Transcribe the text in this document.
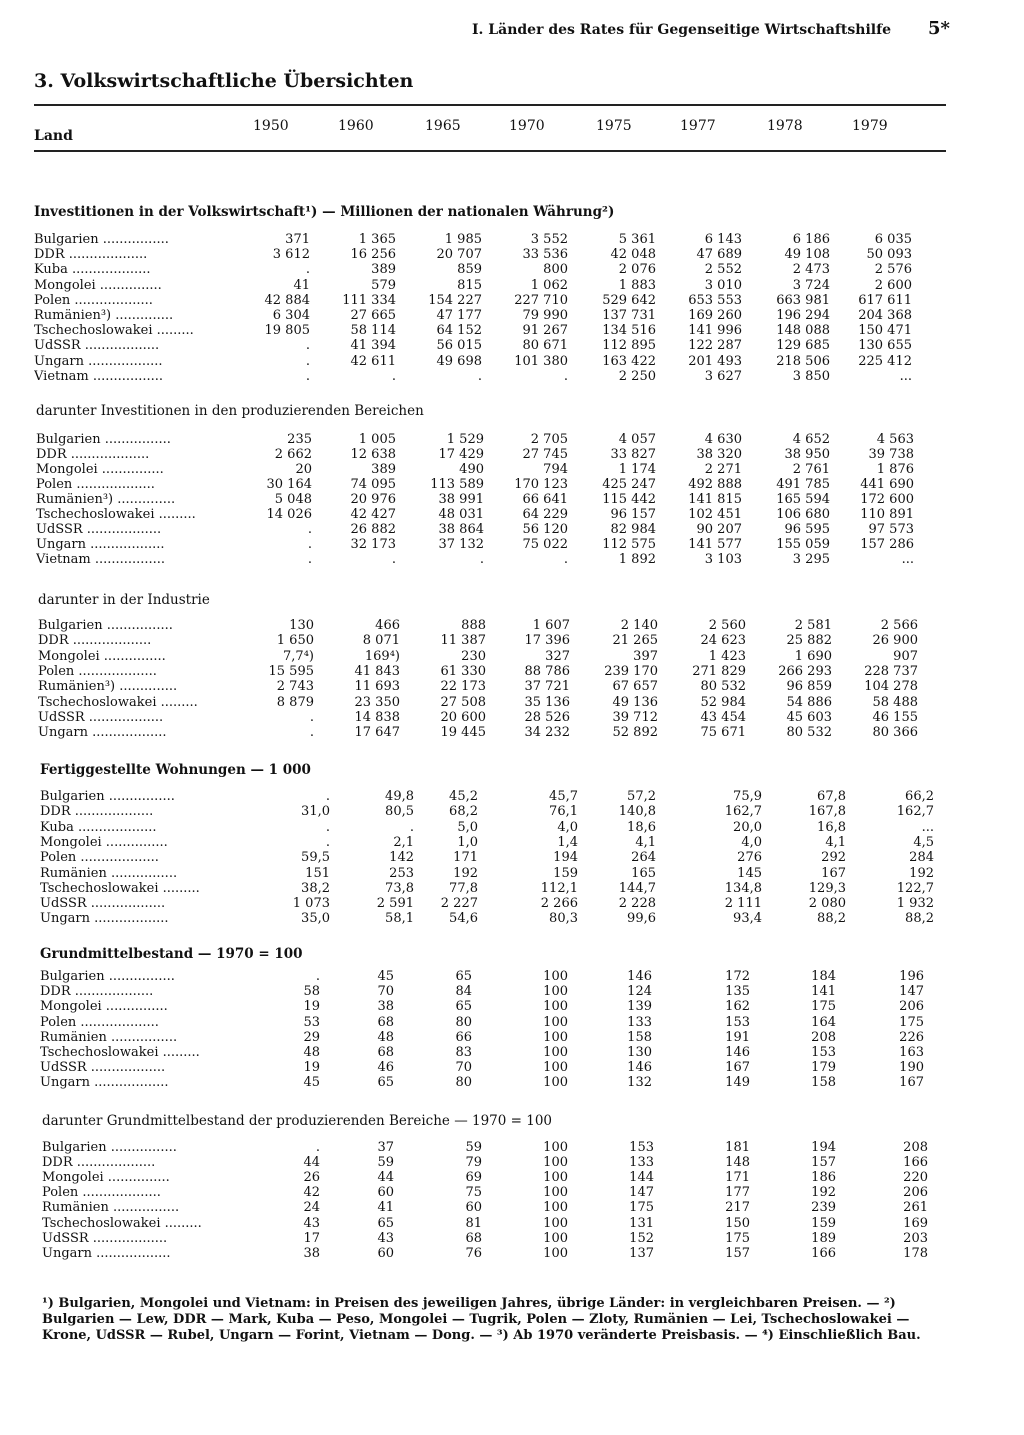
I. Länder des Rates für Gegenseitige Wirtschaftshilfe 5*
3. Volkswirtschaftliche Übersichten
Land
1950	1960	1965	1970	1975	1977	1978	1979
Investitionen in der Volkswirtschaft¹) — Millionen der nationalen Währung²)
Bulgarien ................	371	1 365	1 985	3 552	5 361	6 143	6 186	6 035
DDR ...................	3 612	16 256	20 707	33 536	42 048	47 689	49 108	50 093
Kuba ...................	.	389	859	800	2 076	2 552	2 473	2 576
Mongolei ...............	41	579	815	1 062	1 883	3 010	3 724	2 600
Polen ...................	42 884	111 334	154 227	227 710	529 642	653 553	663 981	617 611
Rumänien³) ..............	6 304	27 665	47 177	79 990	137 731	169 260	196 294	204 368
Tschechoslowakei .........	19 805	58 114	64 152	91 267	134 516	141 996	148 088	150 471
UdSSR ..................	.	41 394	56 015	80 671	112 895	122 287	129 685	130 655
Ungarn ..................	.	42 611	49 698	101 380	163 422	201 493	218 506	225 412
Vietnam .................	.	.	.	.	2 250	3 627	3 850	...
darunter Investitionen in den produzierenden Bereichen
Bulgarien ................	235	1 005	1 529	2 705	4 057	4 630	4 652	4 563
DDR ...................	2 662	12 638	17 429	27 745	33 827	38 320	38 950	39 738
Mongolei ...............	20	389	490	794	1 174	2 271	2 761	1 876
Polen ...................	30 164	74 095	113 589	170 123	425 247	492 888	491 785	441 690
Rumänien³) ..............	5 048	20 976	38 991	66 641	115 442	141 815	165 594	172 600
Tschechoslowakei .........	14 026	42 427	48 031	64 229	96 157	102 451	106 680	110 891
UdSSR ..................	.	26 882	38 864	56 120	82 984	90 207	96 595	97 573
Ungarn ..................	.	32 173	37 132	75 022	112 575	141 577	155 059	157 286
Vietnam .................	.	.	.	.	1 892	3 103	3 295	...
darunter in der Industrie
Bulgarien ................	130	466	888	1 607	2 140	2 560	2 581	2 566
DDR ...................	1 650	8 071	11 387	17 396	21 265	24 623	25 882	26 900
Mongolei ...............	7,7⁴)	169⁴)	230	327	397	1 423	1 690	907
Polen ...................	15 595	41 843	61 330	88 786	239 170	271 829	266 293	228 737
Rumänien³) ..............	2 743	11 693	22 173	37 721	67 657	80 532	96 859	104 278
Tschechoslowakei .........	8 879	23 350	27 508	35 136	49 136	52 984	54 886	58 488
UdSSR ..................	.	14 838	20 600	28 526	39 712	43 454	45 603	46 155
Ungarn ..................	.	17 647	19 445	34 232	52 892	75 671	80 532	80 366
Fertiggestellte Wohnungen — 1 000
Bulgarien ................	.	49,8	45,2	45,7	57,2	75,9	67,8	66,2
DDR ...................	31,0	80,5	68,2	76,1	140,8	162,7	167,8	162,7
Kuba ...................	.	.	5,0	4,0	18,6	20,0	16,8	...
Mongolei ...............	.	2,1	1,0	1,4	4,1	4,0	4,1	4,5
Polen ...................	59,5	142	171	194	264	276	292	284
Rumänien ................	151	253	192	159	165	145	167	192
Tschechoslowakei .........	38,2	73,8	77,8	112,1	144,7	134,8	129,3	122,7
UdSSR ..................	1 073	2 591	2 227	2 266	2 228	2 111	2 080	1 932
Ungarn ..................	35,0	58,1	54,6	80,3	99,6	93,4	88,2	88,2
Grundmittelbestand — 1970 = 100
Bulgarien ................	.	45	65	100	146	172	184	196
DDR ...................	58	70	84	100	124	135	141	147
Mongolei ...............	19	38	65	100	139	162	175	206
Polen ...................	53	68	80	100	133	153	164	175
Rumänien ................	29	48	66	100	158	191	208	226
Tschechoslowakei .........	48	68	83	100	130	146	153	163
UdSSR ..................	19	46	70	100	146	167	179	190
Ungarn ..................	45	65	80	100	132	149	158	167
darunter Grundmittelbestand der produzierenden Bereiche — 1970 = 100
Bulgarien ................	.	37	59	100	153	181	194	208
DDR ...................	44	59	79	100	133	148	157	166
Mongolei ...............	26	44	69	100	144	171	186	220
Polen ...................	42	60	75	100	147	177	192	206
Rumänien ................	24	41	60	100	175	217	239	261
Tschechoslowakei .........	43	65	81	100	131	150	159	169
UdSSR ..................	17	43	68	100	152	175	189	203
Ungarn ..................	38	60	76	100	137	157	166	178

¹) Bulgarien, Mongolei und Vietnam: in Preisen des jeweiligen Jahres, übrige Länder: in vergleichbaren Preisen. — ²) Bulgarien — Lew, DDR — Mark, Kuba — Peso, Mongolei — Tugrik, Polen — Zloty, Rumänien — Lei, Tschechoslowakei — Krone, UdSSR — Rubel, Ungarn — Forint, Vietnam — Dong. — ³) Ab 1970 veränderte Preisbasis. — ⁴) Einschließlich Bau.
